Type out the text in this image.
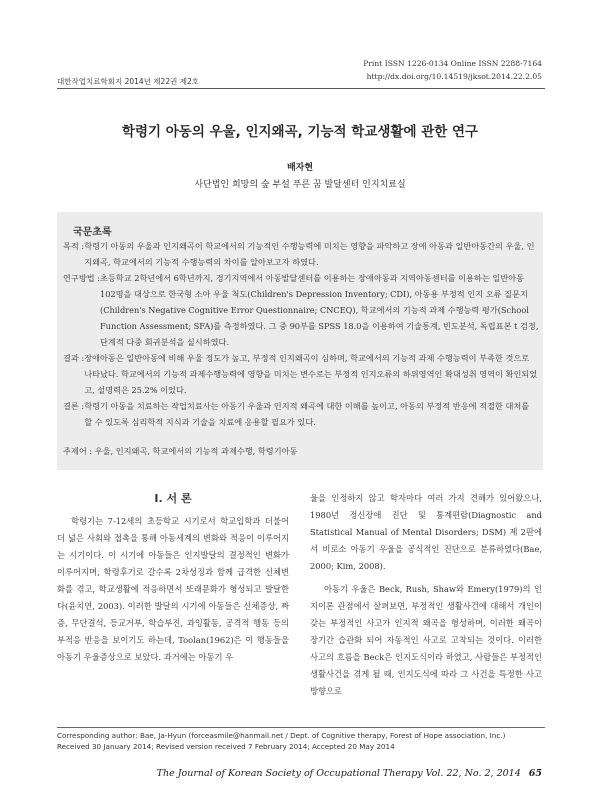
대한작업치료학회지 2014년 제22권 제2호
Print ISSN 1226-0134 Online ISSN 2288-7164
http://dx.doi.org/10.14519/jksot.2014.22.2.05
학령기 아동의 우울, 인지왜곡, 기능적 학교생활에 관한 연구
배자현
사단법인 희망의 숲 부설 푸른 꿈 발달센터 인지치료실
국문초록
목적 : 학령기 아동의 우울과 인지왜곡이 학교에서의 기능적인 수행능력에 미치는 영향을 파악하고 장애 아동과 일반아동간의 우울, 인지왜곡, 학교에서의 기능적 수행능력의 차이를 알아보고자 하였다.
연구방법 : 초등학교 2학년에서 6학년까지, 경기지역에서 아동발달센터를 이용하는 장애아동과 지역아동센터를 이용하는 일반아동 102명을 대상으로 한국형 소아 우울 척도(Children's Depression Inventory; CDI), 아동용 부정적 인지 오류 질문지(Children's Negative Cognitive Error Questionnaire; CNCEQ), 학교에서의 기능적 과제 수행능력 평가(School Function Assessment; SFA)를 측정하였다. 그 중 90부를 SPSS 18.0을 이용하여 기술통계, 빈도분석, 독립표본 t 검정, 단계적 다중 회귀분석을 실시하였다.
결과 : 장애아동은 일반아동에 비해 우울 정도가 높고, 부정적 인지왜곡이 심하며, 학교에서의 기능적 과제 수행능력이 부족한 것으로 나타났다. 학교에서의 기능적 과제수행능력에 영향을 미치는 변수로는 부정적 인지오류의 하위영역인 확대성취 영역이 확인되었고, 설명력은 25.2% 이었다.
결론 : 학령기 아동을 치료하는 작업치료사는 아동기 우울과 인지적 왜곡에 대한 이해를 높이고, 아동의 부정적 반응에 적절한 대처를 할 수 있도록 심리학적 지식과 기술을 치료에 응용할 필요가 있다.
주제어 : 우울, 인지왜곡, 학교에서의 기능적 과제수행, 학령기아동
Ⅰ. 서 론

학령기는 7-12세의 초등학교 시기로서 학교입학과 더불어 더 넓은 사회와 접촉을 통해 아동세계의 변화와 적응이 이루어지는 시기이다. 이 시기에 아동들은 인지발달의 결정적인 변화가 이루어지며, 학령후기로 갈수록 2차성징과 함께 급격한 신체변화를 겪고, 학교생활에 적응하면서 또래문화가 형성되고 발달한다(윤치연, 2003). 이러한 발달의 시기에 아동들은 신체증상, 짜증, 무단결석, 등교거부, 학습부진, 과잉활동, 공격적 행동 등의 부적응 반응을 보이기도 하는데, Toolan(1962)은 이 행동들을 아동기 우울증상으로 보았다. 과거에는 아동기 우

울을 인정하지 않고 학자마다 여러 가지 견해가 있어왔으나, 1980년 정신장애 진단 및 통계편람(Diagnostic and Statistical Manual of Mental Disorders; DSM) 제 2판에서 비로소 아동기 우울을 공식적인 진단으로 분류하였다(Bae, 2000; Kim, 2008).

아동기 우울은 Beck, Rush, Shaw와 Emery(1979)의 인지이론 관점에서 살펴보면, 부정적인 생활사건에 대해서 개인이 갖는 부정적인 사고가 인지적 왜곡을 형성하며, 이러한 왜곡이 장기간 습관화 되어 자동적인 사고로 고착되는 것이다. 이러한 사고의 흐름을 Beck은 인지도식이라 하였고, 사람들은 부정적인 생활사건을 겪게 될 때, 인지도식에 따라 그 사건을 특정한 사고 방향으로

Corresponding author: Bae, Ja-Hyun (forceasmile@hanmail.net / Dept. of Cognitive therapy, Forest of Hope association, Inc.)
Received 30 January 2014; Revised version received 7 February 2014; Accepted 20 May 2014
The Journal of Korean Society of Occupational Therapy Vol. 22, No. 2, 2014 65
